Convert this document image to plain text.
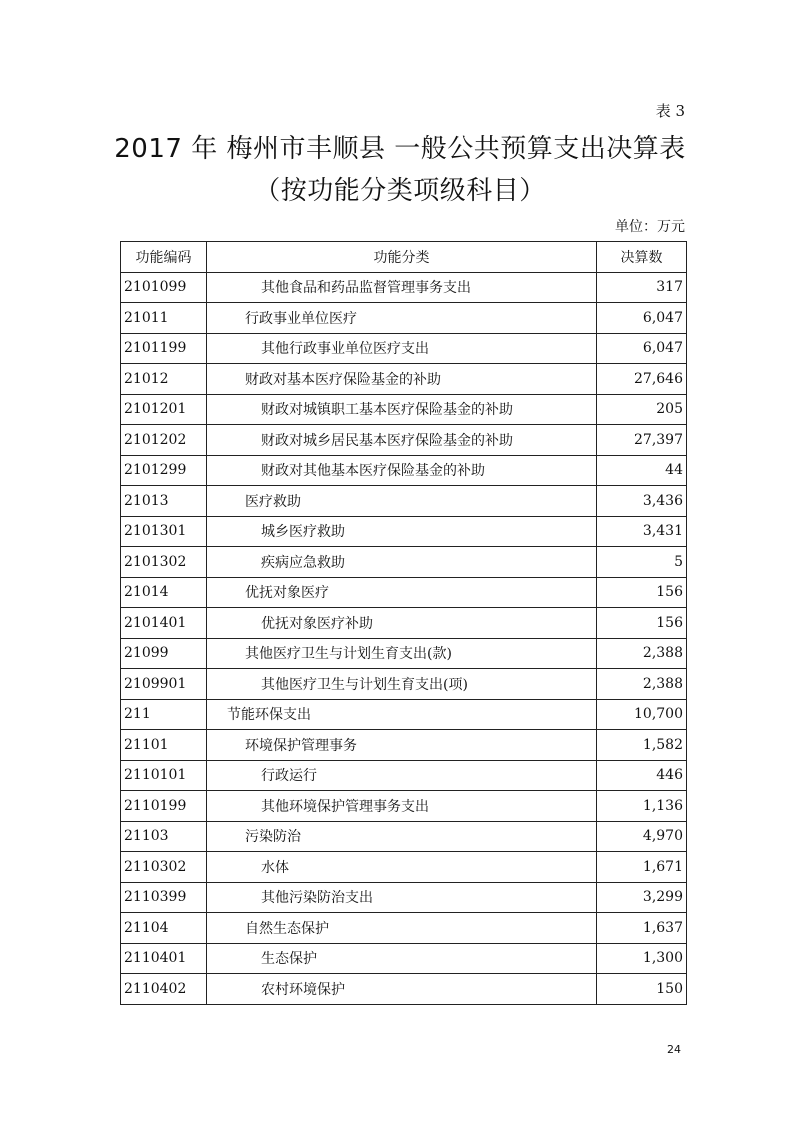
表 3
2017 年 梅州市丰顺县 一般公共预算支出决算表（按功能分类项级科目）
单位：万元
功能编码	功能分类	决算数
2101099	其他食品和药品监督管理事务支出	317
21011	行政事业单位医疗	6,047
2101199	其他行政事业单位医疗支出	6,047
21012	财政对基本医疗保险基金的补助	27,646
2101201	财政对城镇职工基本医疗保险基金的补助	205
2101202	财政对城乡居民基本医疗保险基金的补助	27,397
2101299	财政对其他基本医疗保险基金的补助	44
21013	医疗救助	3,436
2101301	城乡医疗救助	3,431
2101302	疾病应急救助	5
21014	优抚对象医疗	156
2101401	优抚对象医疗补助	156
21099	其他医疗卫生与计划生育支出(款)	2,388
2109901	其他医疗卫生与计划生育支出(项)	2,388
211	节能环保支出	10,700
21101	环境保护管理事务	1,582
2110101	行政运行	446
2110199	其他环境保护管理事务支出	1,136
21103	污染防治	4,970
2110302	水体	1,671
2110399	其他污染防治支出	3,299
21104	自然生态保护	1,637
2110401	生态保护	1,300
2110402	农村环境保护	150
24
